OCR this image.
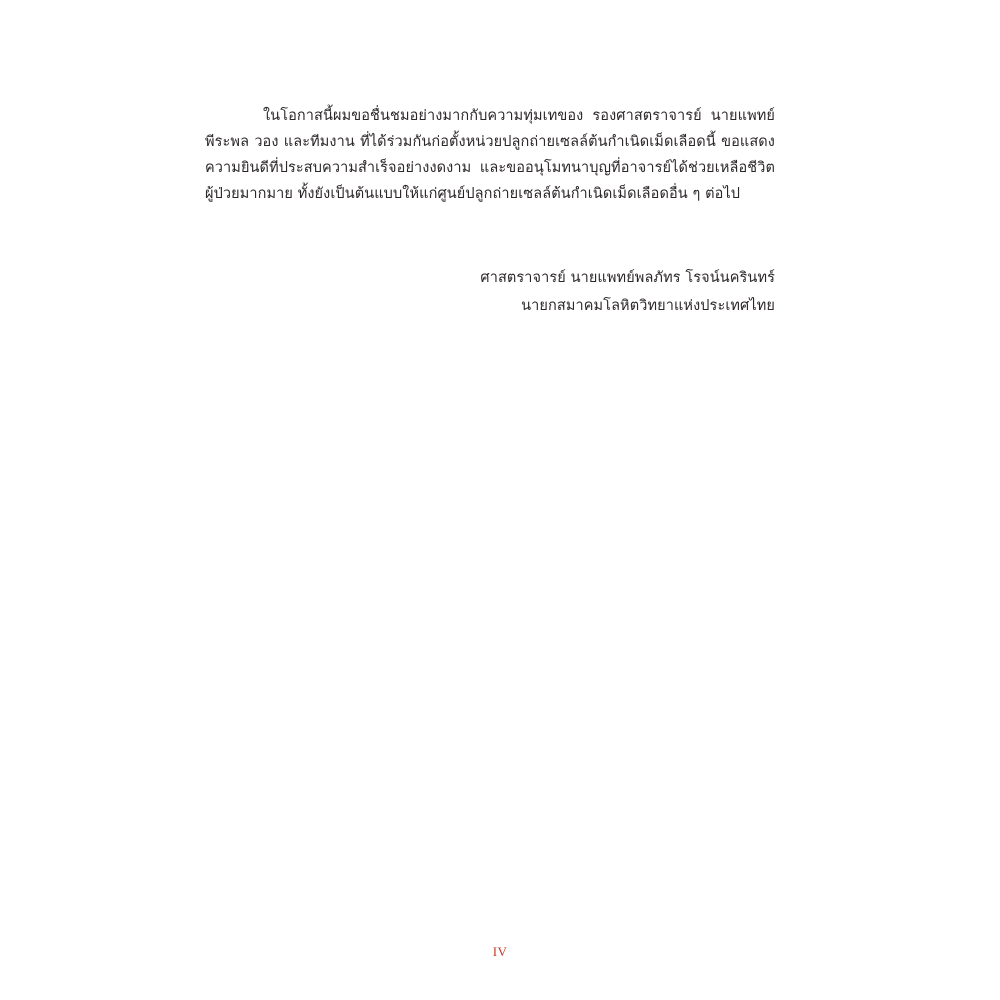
ในโอกาสนี้ผมขอชื่นชมอย่างมากกับความทุ่มเทของ รองศาสตราจารย์ นายแพทย์พีระพล วอง และทีมงาน ที่ได้ร่วมกันก่อตั้งหน่วยปลูกถ่ายเซลล์ต้นกำเนิดเม็ดเลือดนี้ ขอแสดงความยินดีที่ประสบความสำเร็จอย่างงดงาม และขออนุโมทนาบุญที่อาจารย์ได้ช่วยเหลือชีวิตผู้ป่วยมากมาย ทั้งยังเป็นต้นแบบให้แก่ศูนย์ปลูกถ่ายเซลล์ต้นกำเนิดเม็ดเลือดอื่น ๆ ต่อไป

ศาสตราจารย์ นายแพทย์พลภัทร โรจน์นครินทร์
นายกสมาคมโลหิตวิทยาแห่งประเทศไทย
IV
